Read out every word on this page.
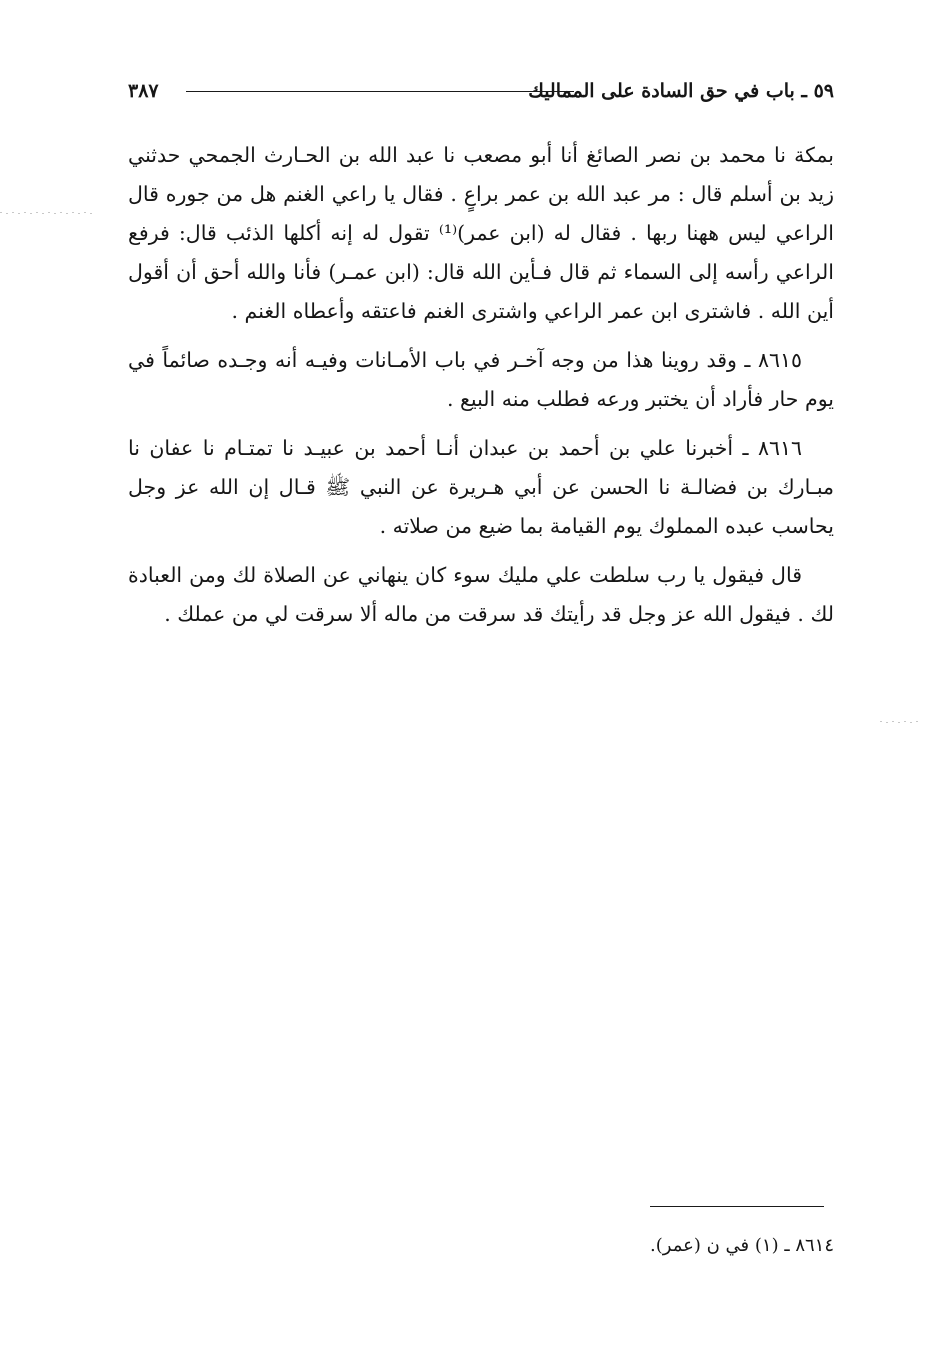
٥٩ ـ باب في حق السادة على المماليك
٣٨٧

بمكة نا محمد بن نصر الصائغ أنا أبو مصعب نا عبد الله بن الحـارث الجمحي حدثني زيد بن أسلم قال : مر عبد الله بن عمر براعٍ . فقال يا راعي الغنم هل من جوره قال الراعي ليس ههنا ربها . فقال له (ابن عمر)⁽¹⁾ تقول له إنه أكلها الذئب قال: فرفع الراعي رأسه إلى السماء ثم قال فـأين الله قال: (ابن عمـر) فأنا والله أحق أن أقول أين الله . فاشترى ابن عمر الراعي واشترى الغنم فاعتقه وأعطاه الغنم .

٨٦١٥ ـ وقد روينا هذا من وجه آخـر في باب الأمـانات وفيـه أنه وجـده صائماً في يوم حار فأراد أن يختبر ورعه فطلب منه البيع .

٨٦١٦ ـ أخبرنا علي بن أحمد بن عبدان أنـا أحمد بن عبيـد نا تمتـام نا عفان نا مبـارك بن فضالـة نا الحسن عن أبي هـريرة عن النبي ﷺ قـال إن الله عز وجل يحاسب عبده المملوك يوم القيامة بما ضيع من صلاته .

قال فيقول يا رب سلطت علي مليك سوء كان ينهاني عن الصلاة لك ومن العبادة لك . فيقول الله عز وجل قد رأيتك قد سرقت من ماله ألا سرقت لي من عملك .

٨٦١٤ ـ (١) في ن (عمر).
